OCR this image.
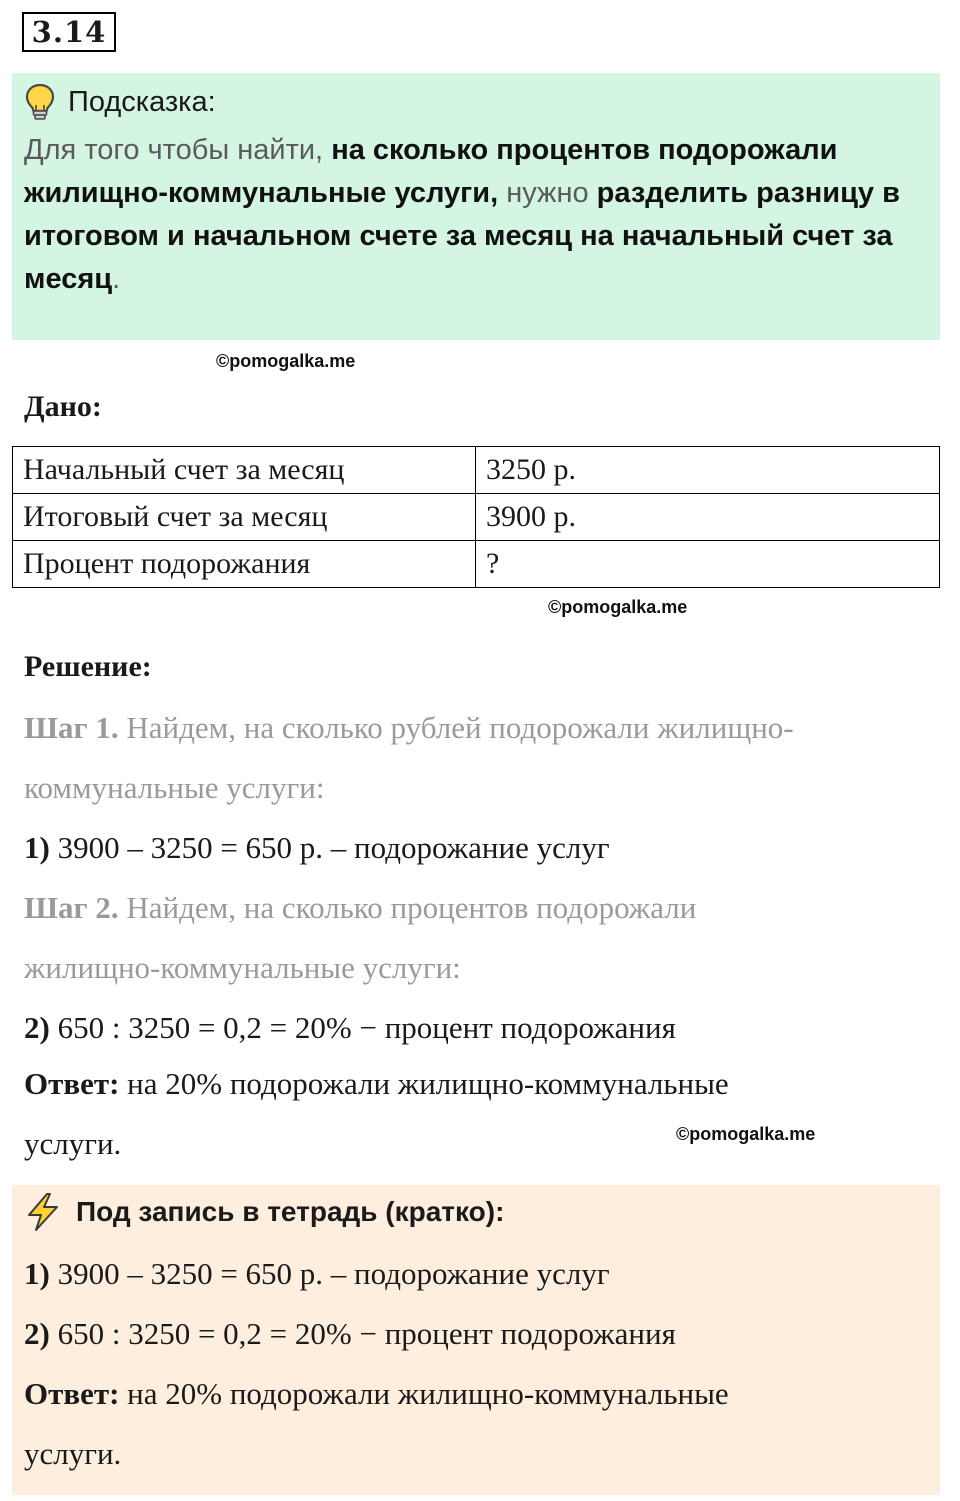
3.14
Подсказка:
Для того чтобы найти, на сколько процентов подорожали жилищно-коммунальные услуги, нужно разделить разницу в итоговом и начальном счете за месяц на начальный счет за месяц.
©pomogalka.me
Дано:
Начальный счет за месяц	3250 р.
Итоговый счет за месяц	3900 р.
Процент подорожания	?
©pomogalka.me
Решение:
Шаг 1. Найдем, на сколько рублей подорожали жилищно-
коммунальные услуги:
1) 3900 – 3250 = 650 р. – подорожание услуг
Шаг 2. Найдем, на сколько процентов подорожали
жилищно-коммунальные услуги:
2) 650 : 3250 = 0,2 = 20% − процент подорожания
Ответ: на 20% подорожали жилищно-коммунальные
услуги.	©pomogalka.me
Под запись в тетрадь (кратко):
1) 3900 – 3250 = 650 р. – подорожание услуг
2) 650 : 3250 = 0,2 = 20% − процент подорожания
Ответ: на 20% подорожали жилищно-коммунальные
услуги.
